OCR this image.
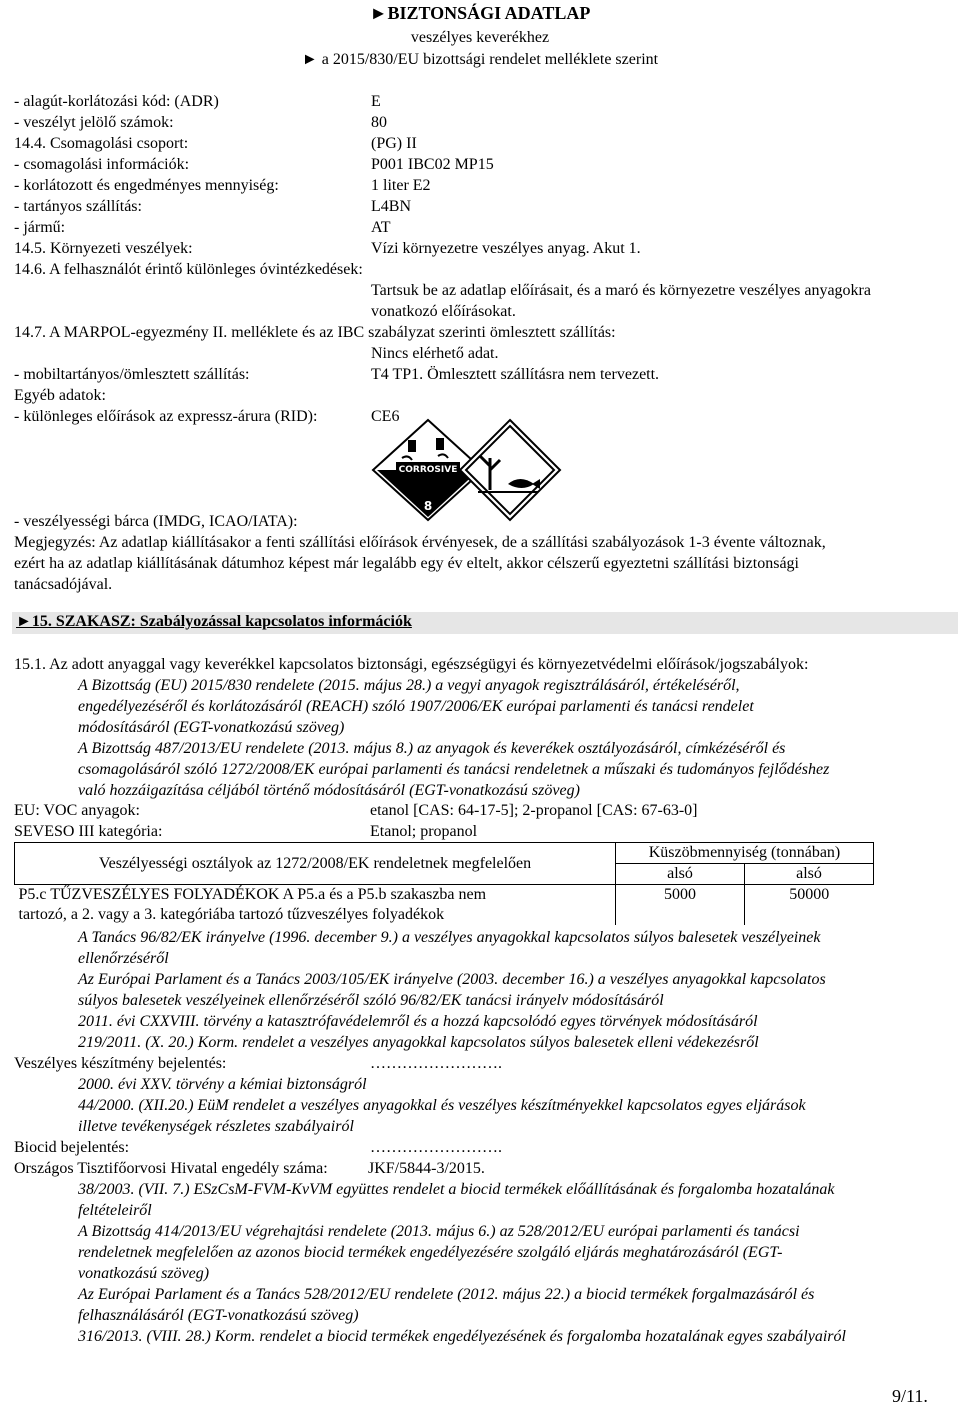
►BIZTONSÁGI ADATLAP
veszélyes keverékhez
► a 2015/830/EU bizottsági rendelet melléklete szerint
- alagút-korlátozási kód: (ADR)	E
- veszélyt jelölő számok:	80
14.4. Csomagolási csoport:	(PG) II
- csomagolási információk:	P001 IBC02 MP15
- korlátozott és engedményes mennyiség:	1 liter E2
- tartányos szállítás:	L4BN
- jármű:	AT
14.5. Környezeti veszélyek:	Vízi környezetre veszélyes anyag. Akut 1.
14.6. A felhasználót érintő különleges óvintézkedések:
Tartsuk be az adatlap előírásait, és a maró és környezetre veszélyes anyagokra
vonatkozó előírásokat.
14.7. A MARPOL-egyezmény II. melléklete és az IBC szabályzat szerinti ömlesztett szállítás:
Nincs elérhető adat.
- mobiltartányos/ömlesztett szállítás:	T4 TP1. Ömlesztett szállításra nem tervezett.
Egyéb adatok:
- különleges előírások az expressz-árura (RID):	CE6
CORROSIVE
8
- veszélyességi bárca (IMDG, ICAO/IATA):
Megjegyzés: Az adatlap kiállításakor a fenti szállítási előírások érvényesek, de a szállítási szabályozások 1-3 évente változnak,
ezért ha az adatlap kiállításának dátumhoz képest már legalább egy év eltelt, akkor célszerű egyeztetni szállítási biztonsági
tanácsadójával.
►15. SZAKASZ: Szabályozással kapcsolatos információk
15.1. Az adott anyaggal vagy keverékkel kapcsolatos biztonsági, egészségügyi és környezetvédelmi előírások/jogszabályok:
A Bizottság (EU) 2015/830 rendelete (2015. május 28.) a vegyi anyagok regisztrálásáról, értékeléséről,
engedélyezéséről és korlátozásáról (REACH) szóló 1907/2006/EK európai parlamenti és tanácsi rendelet
módosításáról (EGT-vonatkozású szöveg)
A Bizottság 487/2013/EU rendelete (2013. május 8.) az anyagok és keverékek osztályozásáról, címkézéséről és
csomagolásáról szóló 1272/2008/EK európai parlamenti és tanácsi rendeletnek a műszaki és tudományos fejlődéshez
való hozzáigazítása céljából történő módosításáról (EGT-vonatkozású szöveg)
EU: VOC anyagok:	etanol [CAS: 64-17-5]; 2-propanol [CAS: 67-63-0]
SEVESO III kategória:	Etanol; propanol
Veszélyességi osztályok az 1272/2008/EK rendeletnek megfelelően	Küszöbmennyiség (tonnában)	
	alsó	alsó

P5.c TŰZVESZÉLYES FOLYADÉKOK A P5.a és a P5.b szakaszba nem
tartozó, a 2. vagy a 3. kategóriába tartozó tűzveszélyes folyadékok	5000	50000
A Tanács 96/82/EK irányelve (1996. december 9.) a veszélyes anyagokkal kapcsolatos súlyos balesetek veszélyeinek
ellenőrzéséről
Az Európai Parlament és a Tanács 2003/105/EK irányelve (2003. december 16.) a veszélyes anyagokkal kapcsolatos
súlyos balesetek veszélyeinek ellenőrzéséről szóló 96/82/EK tanácsi irányelv módosításáról
2011. évi CXXVIII. törvény a katasztrófavédelemről és a hozzá kapcsolódó egyes törvények módosításáról
219/2011. (X. 20.) Korm. rendelet a veszélyes anyagokkal kapcsolatos súlyos balesetek elleni védekezésről
Veszélyes készítmény bejelentés:	…………………….
2000. évi XXV. törvény a kémiai biztonságról
44/2000. (XII.20.) EüM rendelet a veszélyes anyagokkal és veszélyes készítményekkel kapcsolatos egyes eljárások
illetve tevékenységek részletes szabályairól
Biocid bejelentés:	…………………….
Országos Tisztifőorvosi Hivatal engedély száma:	JKF/5844-3/2015.
38/2003. (VII. 7.) ESzCsM-FVM-KvVM együttes rendelet a biocid termékek előállításának és forgalomba hozatalának
feltételeiről
A Bizottság 414/2013/EU végrehajtási rendelete (2013. május 6.) az 528/2012/EU európai parlamenti és tanácsi
rendeletnek megfelelően az azonos biocid termékek engedélyezésére szolgáló eljárás meghatározásáról (EGT-
vonatkozású szöveg)
Az Európai Parlament és a Tanács 528/2012/EU rendelete (2012. május 22.) a biocid termékek forgalmazásáról és
felhasználásáról (EGT-vonatkozású szöveg)
316/2013. (VIII. 28.) Korm. rendelet a biocid termékek engedélyezésének és forgalomba hozatalának egyes szabályairól
9/11.
